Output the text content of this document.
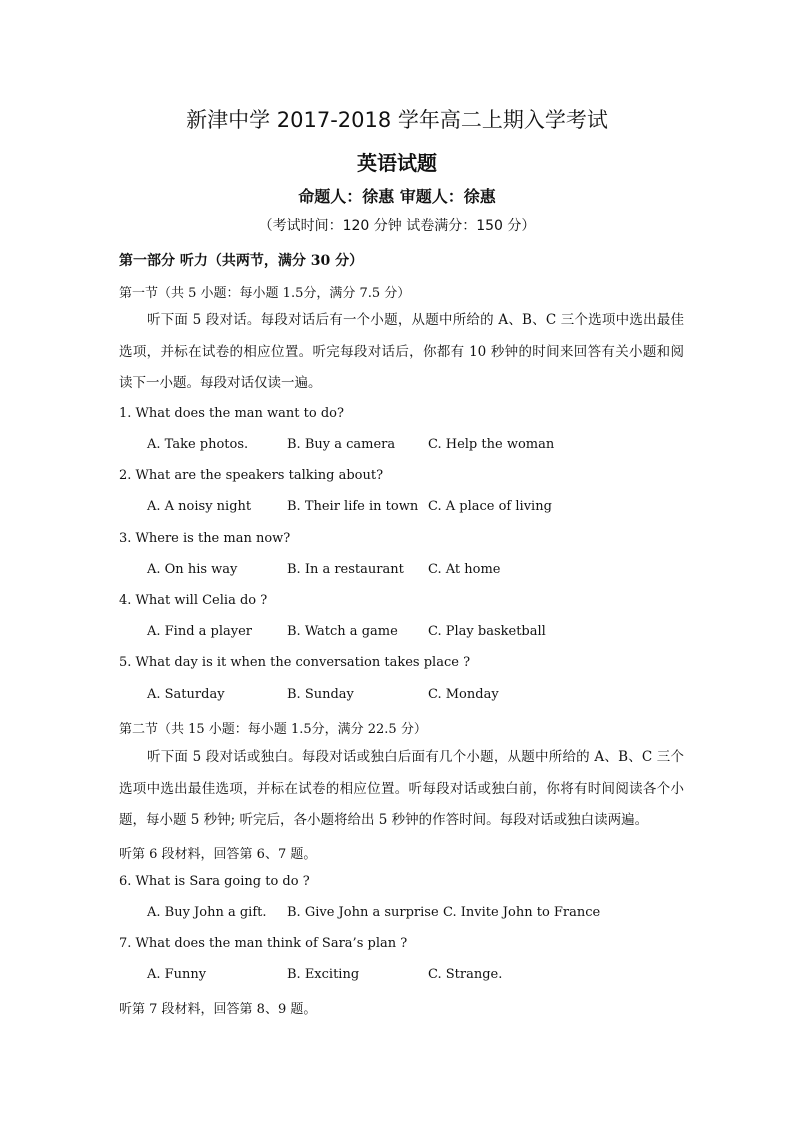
新津中学 2017-2018 学年高二上期入学考试
英语试题
命题人：徐惠 审题人：徐惠
（考试时间：120 分钟 试卷满分：150 分）
第一部分 听力（共两节，满分 30 分）
第一节（共 5 小题：每小题 1.5分，满分 7.5 分）
听下面 5 段对话。每段对话后有一个小题，从题中所给的 A、B、C 三个选项中选出最佳选项，并标在试卷的相应位置。听完每段对话后，你都有 10 秒钟的时间来回答有关小题和阅读下一小题。每段对话仅读一遍。
1. What does the man want to do?
A. Take photos.	B. Buy a camera	C. Help the woman
2. What are the speakers talking about?
A. A noisy night	B. Their life in town C. A place of living
3. Where is the man now?
A. On his way	B. In a restaurant C. At home
4. What will Celia do ?
A. Find a player	B. Watch a game C. Play basketball
5. What day is it when the conversation takes place ?
A. Saturday	B. Sunday	C. Monday
第二节（共 15 小题：每小题 1.5分，满分 22.5 分）
听下面 5 段对话或独白。每段对话或独白后面有几个小题，从题中所给的 A、B、C 三个选项中选出最佳选项，并标在试卷的相应位置。听每段对话或独白前，你将有时间阅读各个小题，每小题 5 秒钟; 听完后，各小题将给出 5 秒钟的作答时间。每段对话或独白读两遍。
听第 6 段材料，回答第 6、7 题。
6. What is Sara going to do ?
A. Buy John a gift. B. Give John a surprise C. Invite John to France
7. What does the man think of Sara’s plan ?
A. Funny	B. Exciting	C. Strange.
听第 7 段材料，回答第 8、9 题。
